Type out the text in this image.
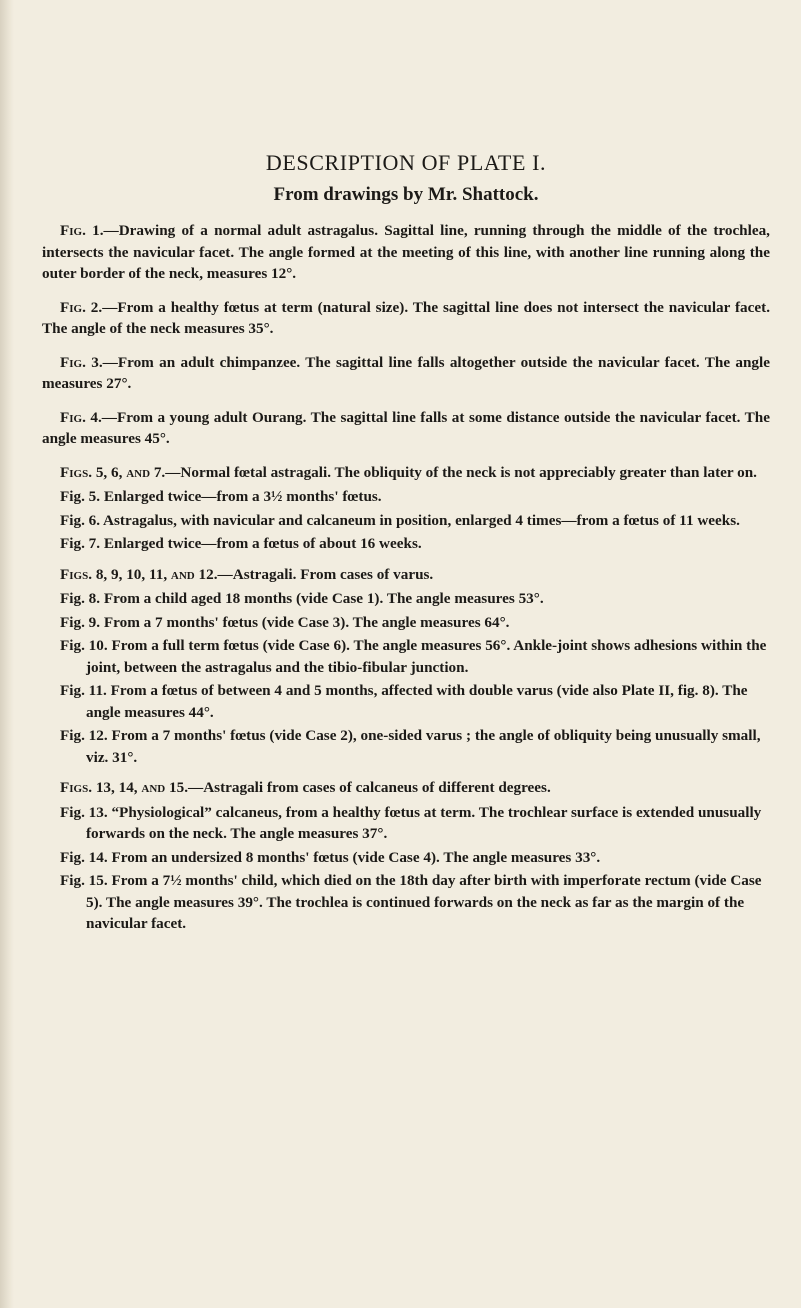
DESCRIPTION OF PLATE I.
From drawings by Mr. Shattock.

Fig. 1.—Drawing of a normal adult astragalus. Sagittal line, running through the middle of the trochlea, intersects the navicular facet. The angle formed at the meeting of this line, with another line running along the outer border of the neck, measures 12°.

Fig. 2.—From a healthy fœtus at term (natural size). The sagittal line does not intersect the navicular facet. The angle of the neck measures 35°.

Fig. 3.—From an adult chimpanzee. The sagittal line falls altogether outside the navicular facet. The angle measures 27°.

Fig. 4.—From a young adult Ourang. The sagittal line falls at some distance outside the navicular facet. The angle measures 45°.

Figs. 5, 6, and 7.—Normal fœtal astragali. The obliquity of the neck is not appreciably greater than later on.

Fig. 5. Enlarged twice—from a 3½ months' fœtus.

Fig. 6. Astragalus, with navicular and calcaneum in position, enlarged 4 times—from a fœtus of 11 weeks.

Fig. 7. Enlarged twice—from a fœtus of about 16 weeks.

Figs. 8, 9, 10, 11, and 12.—Astragali. From cases of varus.

Fig. 8. From a child aged 18 months (vide Case 1). The angle measures 53°.

Fig. 9. From a 7 months' fœtus (vide Case 3). The angle measures 64°.

Fig. 10. From a full term fœtus (vide Case 6). The angle measures 56°. Ankle-joint shows adhesions within the joint, between the astragalus and the tibio-fibular junction.

Fig. 11. From a fœtus of between 4 and 5 months, affected with double varus (vide also Plate II, fig. 8). The angle measures 44°.

Fig. 12. From a 7 months' fœtus (vide Case 2), one-sided varus ; the angle of obliquity being unusually small, viz. 31°.

Figs. 13, 14, and 15.—Astragali from cases of calcaneus of different degrees.

Fig. 13. “Physiological” calcaneus, from a healthy fœtus at term. The trochlear surface is extended unusually forwards on the neck. The angle measures 37°.

Fig. 14. From an undersized 8 months' fœtus (vide Case 4). The angle measures 33°.

Fig. 15. From a 7½ months' child, which died on the 18th day after birth with imperforate rectum (vide Case 5). The angle measures 39°. The trochlea is continued forwards on the neck as far as the margin of the navicular facet.
